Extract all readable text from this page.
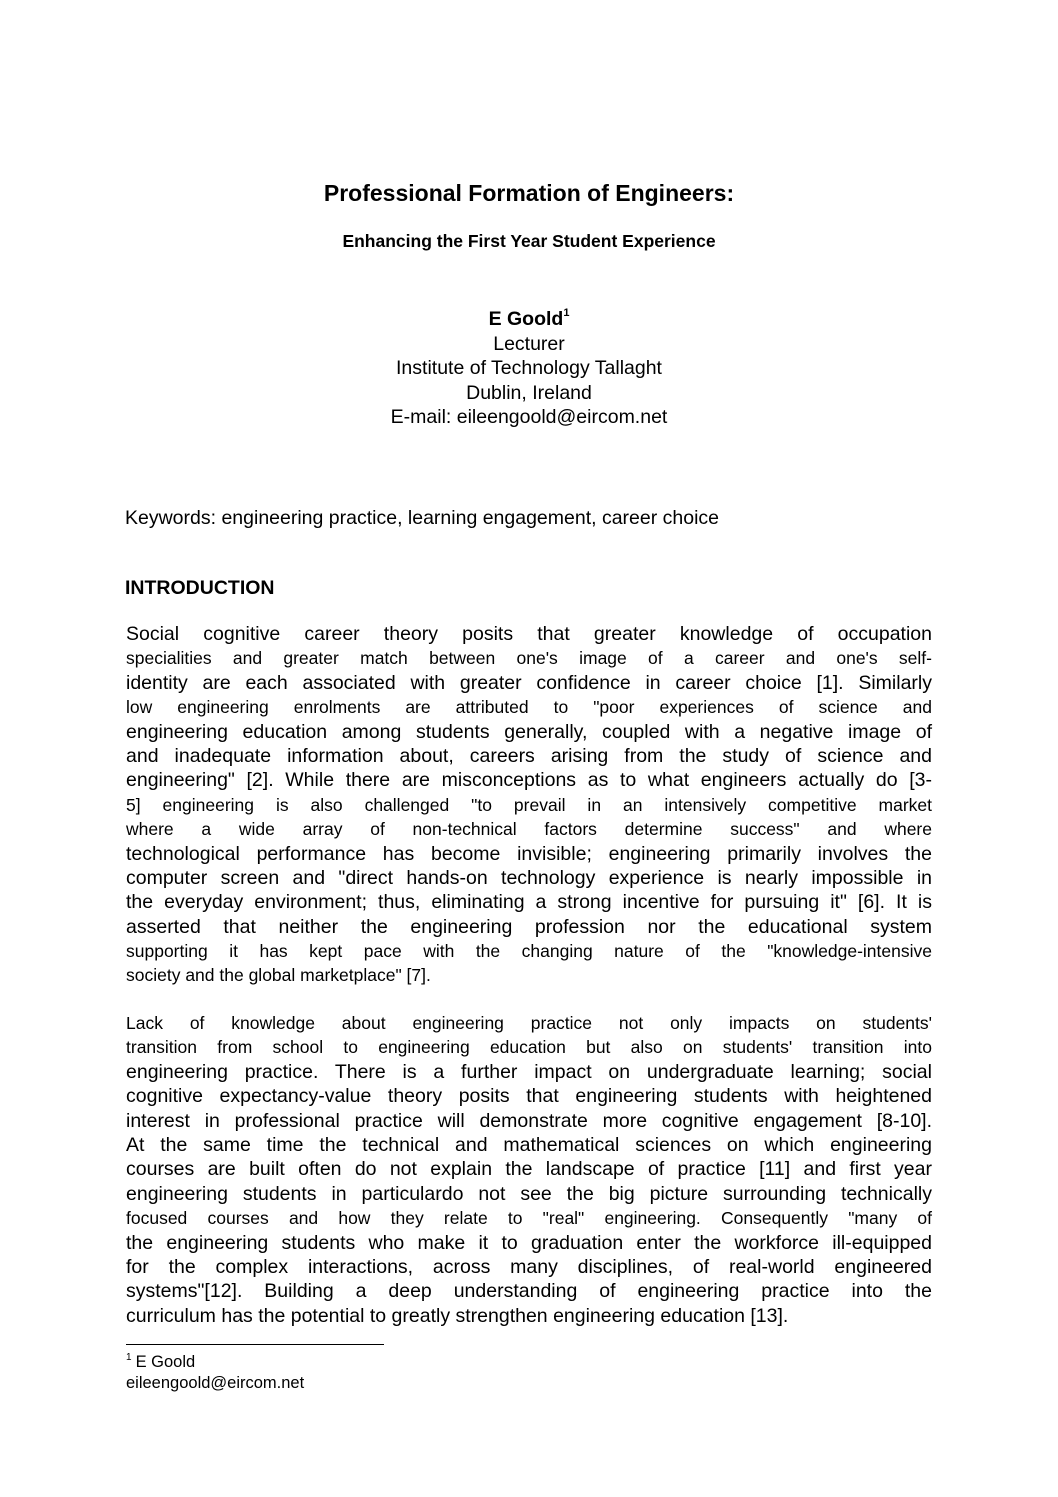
Professional Formation of Engineers:
Enhancing the First Year Student Experience
E Goold$^1$
Lecturer
Institute of Technology Tallaght
Dublin, Ireland
E-mail: eileengoold@eircom.net
Keywords: engineering practice, learning engagement, career choice
INTRODUCTION
Social cognitive career theory posits that greater knowledge of occupation
specialities and greater match between one's image of a career and one's self-
identity are each associated with greater confidence in career choice [1]. Similarly
low engineering enrolments are attributed to "poor experiences of science and
engineering education among students generally, coupled with a negative image of
and inadequate information about, careers arising from the study of science and
engineering" [2]. While there are misconceptions as to what engineers actually do [3-
5] engineering is also challenged "to prevail in an intensively competitive market
where a wide array of non-technical factors determine success" and where
technological performance has become invisible; engineering primarily involves the
computer screen and "direct hands-on technology experience is nearly impossible in
the everyday environment; thus, eliminating a strong incentive for pursuing it" [6]. It is
asserted that neither the engineering profession nor the educational system
supporting it has kept pace with the changing nature of the "knowledge-intensive
society and the global marketplace" [7].
Lack of knowledge about engineering practice not only impacts on students'
transition from school to engineering education but also on students' transition into
engineering practice. There is a further impact on undergraduate learning; social
cognitive expectancy-value theory posits that engineering students with heightened
interest in professional practice will demonstrate more cognitive engagement [8-10].
At the same time the technical and mathematical sciences on which engineering
courses are built often do not explain the landscape of practice [11] and first year
engineering students in particulardo not see the big picture surrounding technically
focused courses and how they relate to "real" engineering. Consequently "many of
the engineering students who make it to graduation enter the workforce ill-equipped
for the complex interactions, across many disciplines, of real-world engineered
systems"[12]. Building a deep understanding of engineering practice into the
curriculum has the potential to greatly strengthen engineering education [13].
$^1$ E Goold
eileengoold@eircom.net
